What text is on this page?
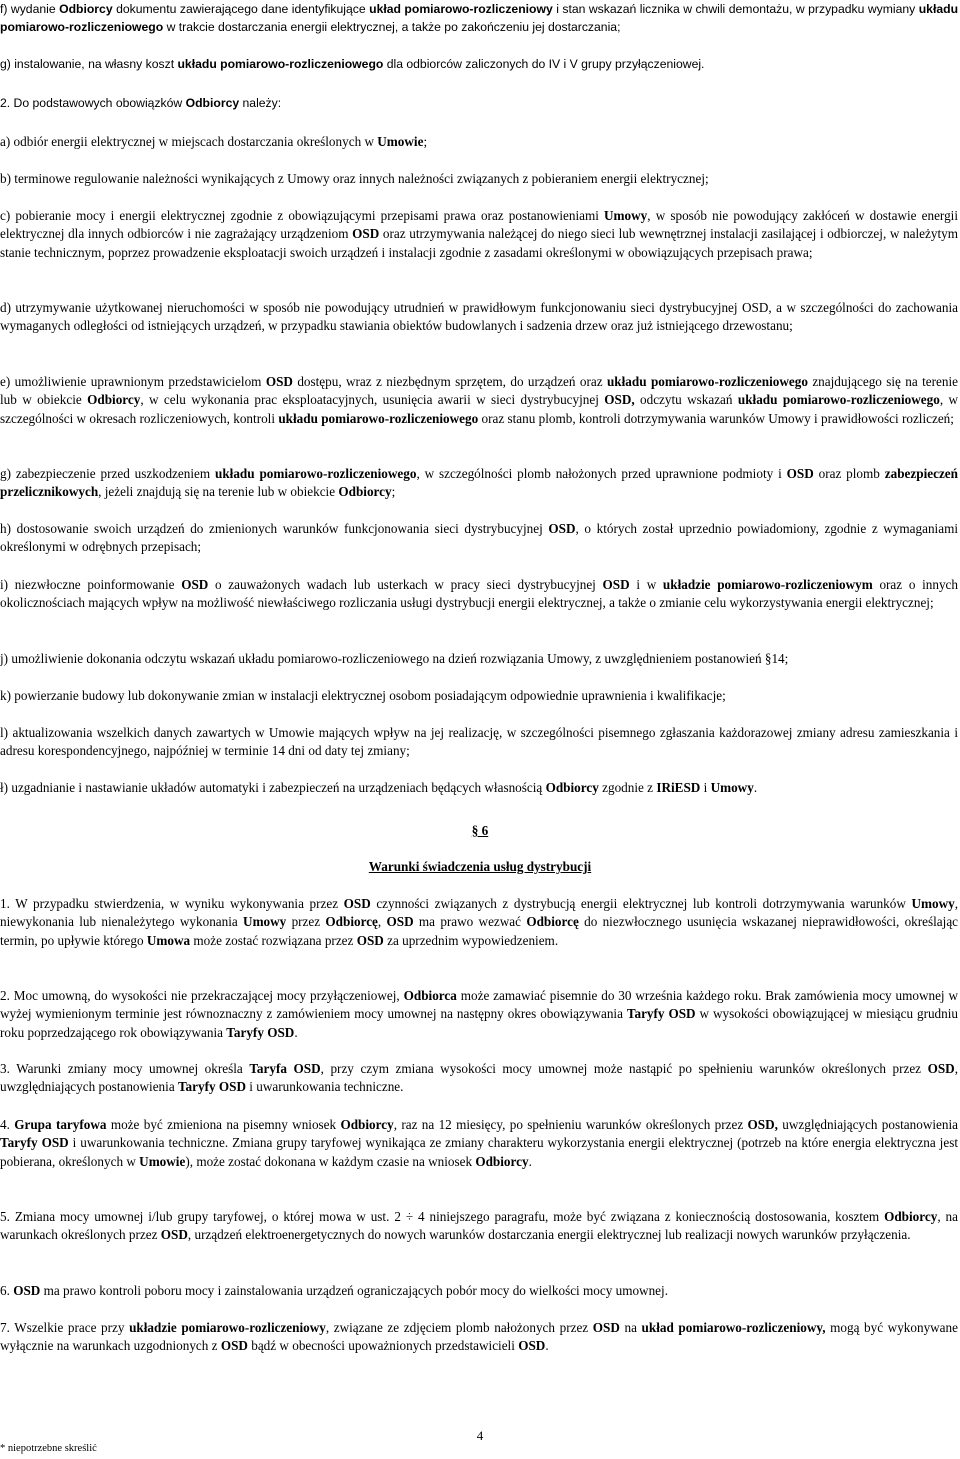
f) wydanie Odbiorcy dokumentu zawierającego dane identyfikujące układ pomiarowo-rozliczeniowy i stan wskazań licznika w chwili demontażu, w przypadku wymiany układu pomiarowo-rozliczeniowego w trakcie dostarczania energii elektrycznej, a także po zakończeniu jej dostarczania;

g) instalowanie, na własny koszt układu pomiarowo-rozliczeniowego dla odbiorców zaliczonych do IV i V grupy przyłączeniowej.

2. Do podstawowych obowiązków Odbiorcy należy:

a) odbiór energii elektrycznej w miejscach dostarczania określonych w Umowie;

b) terminowe regulowanie należności wynikających z Umowy oraz innych należności związanych z pobieraniem energii elektrycznej;

c) pobieranie mocy i energii elektrycznej zgodnie z obowiązującymi przepisami prawa oraz postanowieniami Umowy, w sposób nie powodujący zakłóceń w dostawie energii elektrycznej dla innych odbiorców i nie zagrażający urządzeniom OSD oraz utrzymywania należącej do niego sieci lub wewnętrznej instalacji zasilającej i odbiorczej, w należytym stanie technicznym, poprzez prowadzenie eksploatacji swoich urządzeń i instalacji zgodnie z zasadami określonymi w obowiązujących przepisach prawa;

d) utrzymywanie użytkowanej nieruchomości w sposób nie powodujący utrudnień w prawidłowym funkcjonowaniu sieci dystrybucyjnej OSD, a w szczególności do zachowania wymaganych odległości od istniejących urządzeń, w przypadku stawiania obiektów budowlanych i sadzenia drzew oraz już istniejącego drzewostanu;

e) umożliwienie uprawnionym przedstawicielom OSD dostępu, wraz z niezbędnym sprzętem, do urządzeń oraz układu pomiarowo-rozliczeniowego znajdującego się na terenie lub w obiekcie Odbiorcy, w celu wykonania prac eksploatacyjnych, usunięcia awarii w sieci dystrybucyjnej OSD, odczytu wskazań układu pomiarowo-rozliczeniowego, w szczególności w okresach rozliczeniowych, kontroli układu pomiarowo-rozliczeniowego oraz stanu plomb, kontroli dotrzymywania warunków Umowy i prawidłowości rozliczeń;

g) zabezpieczenie przed uszkodzeniem układu pomiarowo-rozliczeniowego, w szczególności plomb nałożonych przed uprawnione podmioty i OSD oraz plomb zabezpieczeń przelicznikowych, jeżeli znajdują się na terenie lub w obiekcie Odbiorcy;

h) dostosowanie swoich urządzeń do zmienionych warunków funkcjonowania sieci dystrybucyjnej OSD, o których został uprzednio powiadomiony, zgodnie z wymaganiami określonymi w odrębnych przepisach;

i) niezwłoczne poinformowanie OSD o zauważonych wadach lub usterkach w pracy sieci dystrybucyjnej OSD i w układzie pomiarowo-rozliczeniowym oraz o innych okolicznościach mających wpływ na możliwość niewłaściwego rozliczania usługi dystrybucji energii elektrycznej, a także o zmianie celu wykorzystywania energii elektrycznej;

j) umożliwienie dokonania odczytu wskazań układu pomiarowo-rozliczeniowego na dzień rozwiązania Umowy, z uwzględnieniem postanowień §14;

k) powierzanie budowy lub dokonywanie zmian w instalacji elektrycznej osobom posiadającym odpowiednie uprawnienia i kwalifikacje;

l) aktualizowania wszelkich danych zawartych w Umowie mających wpływ na jej realizację, w szczególności pisemnego zgłaszania każdorazowej zmiany adresu zamieszkania i adresu korespondencyjnego, najpóźniej w terminie 14 dni od daty tej zmiany;

ł) uzgadnianie i nastawianie układów automatyki i zabezpieczeń na urządzeniach będących własnością Odbiorcy zgodnie z IRiESD i Umowy.

§ 6
Warunki świadczenia usług dystrybucji

1. W przypadku stwierdzenia, w wyniku wykonywania przez OSD czynności związanych z dystrybucją energii elektrycznej lub kontroli dotrzymywania warunków Umowy, niewykonania lub nienależytego wykonania Umowy przez Odbiorcę, OSD ma prawo wezwać Odbiorcę do niezwłocznego usunięcia wskazanej nieprawidłowości, określając termin, po upływie którego Umowa może zostać rozwiązana przez OSD za uprzednim wypowiedzeniem.

2. Moc umowną, do wysokości nie przekraczającej mocy przyłączeniowej, Odbiorca może zamawiać pisemnie do 30 września każdego roku. Brak zamówienia mocy umownej w wyżej wymienionym terminie jest równoznaczny z zamówieniem mocy umownej na następny okres obowiązywania Taryfy OSD w wysokości obowiązującej w miesiącu grudniu roku poprzedzającego rok obowiązywania Taryfy OSD.

3. Warunki zmiany mocy umownej określa Taryfa OSD, przy czym zmiana wysokości mocy umownej może nastąpić po spełnieniu warunków określonych przez OSD, uwzględniających postanowienia Taryfy OSD i uwarunkowania techniczne.

4. Grupa taryfowa może być zmieniona na pisemny wniosek Odbiorcy, raz na 12 miesięcy, po spełnieniu warunków określonych przez OSD, uwzględniających postanowienia Taryfy OSD i uwarunkowania techniczne. Zmiana grupy taryfowej wynikająca ze zmiany charakteru wykorzystania energii elektrycznej (potrzeb na które energia elektryczna jest pobierana, określonych w Umowie), może zostać dokonana w każdym czasie na wniosek Odbiorcy.

5. Zmiana mocy umownej i/lub grupy taryfowej, o której mowa w ust. 2 ÷ 4 niniejszego paragrafu, może być związana z koniecznością dostosowania, kosztem Odbiorcy, na warunkach określonych przez OSD, urządzeń elektroenergetycznych do nowych warunków dostarczania energii elektrycznej lub realizacji nowych warunków przyłączenia.

6. OSD ma prawo kontroli poboru mocy i zainstalowania urządzeń ograniczających pobór mocy do wielkości mocy umownej.

7. Wszelkie prace przy układzie pomiarowo-rozliczeniowy, związane ze zdjęciem plomb nałożonych przez OSD na układ pomiarowo-rozliczeniowy, mogą być wykonywane wyłącznie na warunkach uzgodnionych z OSD bądź w obecności upoważnionych przedstawicieli OSD.

4
* niepotrzebne skreślić
